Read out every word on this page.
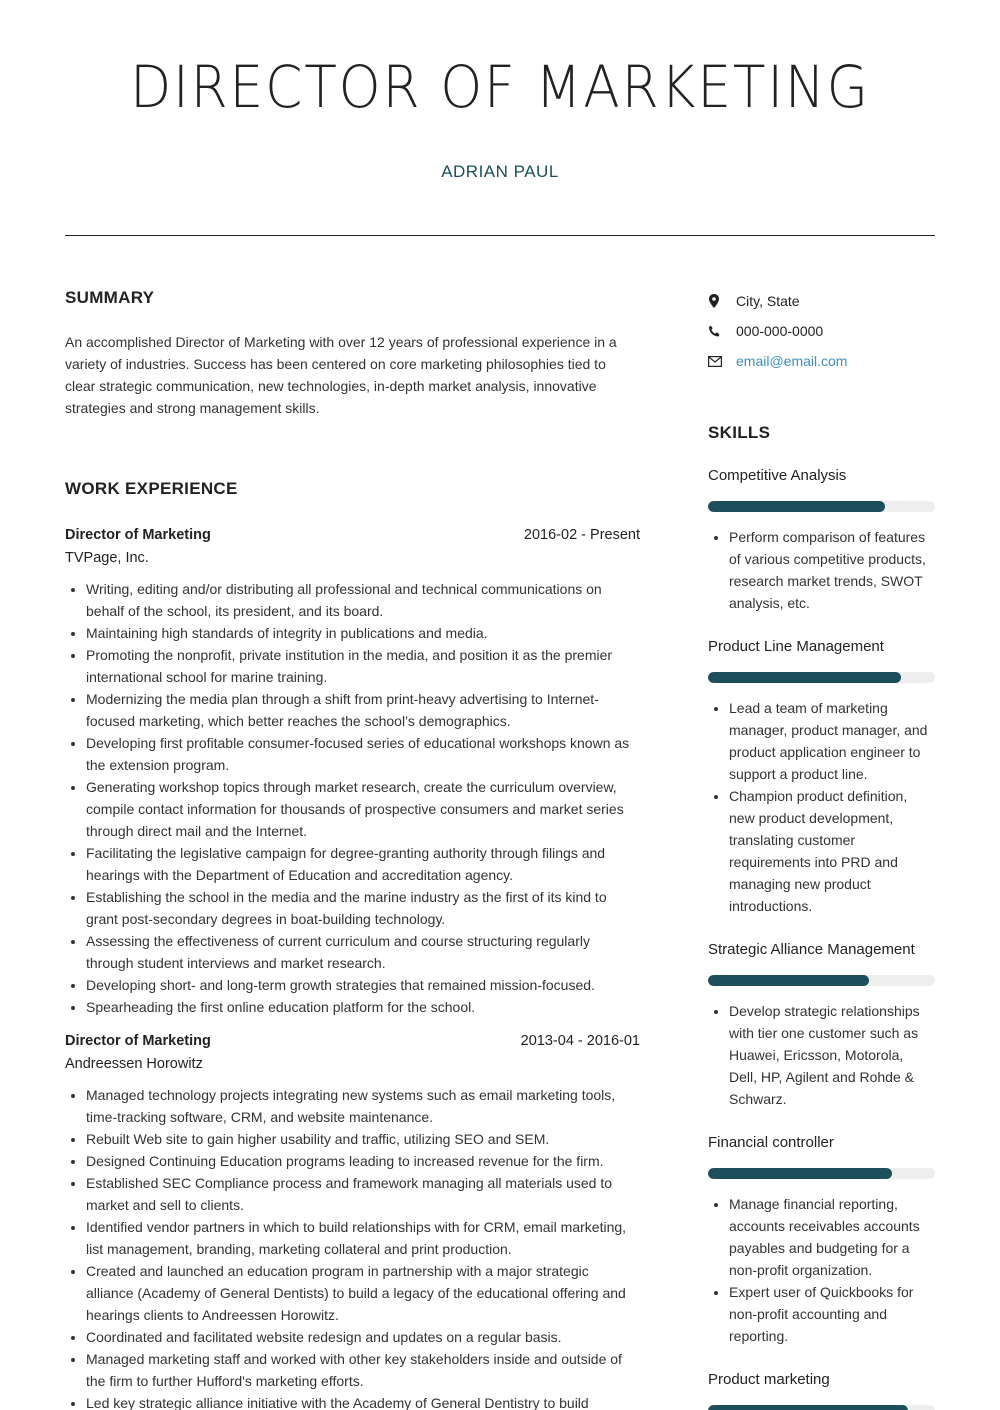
DIRECTOR OF MARKETING
ADRIAN PAUL
SUMMARY

An accomplished Director of Marketing with over 12 years of professional experience in a variety of industries. Success has been centered on core marketing philosophies tied to clear strategic communication, new technologies, in-depth market analysis, innovative strategies and strong management skills.

WORK EXPERIENCE
Director of Marketing	2016-02 - Present
TVPage, Inc.
• Writing, editing and/or distributing all professional and technical communications on behalf of the school, its president, and its board.
• Maintaining high standards of integrity in publications and media.
• Promoting the nonprofit, private institution in the media, and position it as the premier international school for marine training.
• Modernizing the media plan through a shift from print-heavy advertising to Internet-focused marketing, which better reaches the school’s demographics.
• Developing first profitable consumer-focused series of educational workshops known as the extension program.
• Generating workshop topics through market research, create the curriculum overview, compile contact information for thousands of prospective consumers and market series through direct mail and the Internet.
• Facilitating the legislative campaign for degree-granting authority through filings and hearings with the Department of Education and accreditation agency.
• Establishing the school in the media and the marine industry as the first of its kind to grant post-secondary degrees in boat-building technology.
• Assessing the effectiveness of current curriculum and course structuring regularly through student interviews and market research.
• Developing short- and long-term growth strategies that remained mission-focused.
• Spearheading the first online education platform for the school.
Director of Marketing	2013-04 - 2016-01
Andreessen Horowitz
• Managed technology projects integrating new systems such as email marketing tools, time-tracking software, CRM, and website maintenance.
• Rebuilt Web site to gain higher usability and traffic, utilizing SEO and SEM.
• Designed Continuing Education programs leading to increased revenue for the firm.
• Established SEC Compliance process and framework managing all materials used to market and sell to clients.
• Identified vendor partners in which to build relationships with for CRM, email marketing, list management, branding, marketing collateral and print production.
• Created and launched an education program in partnership with a major strategic alliance (Academy of General Dentists) to build a legacy of the educational offering and hearings clients to Andreessen Horowitz.
• Coordinated and facilitated website redesign and updates on a regular basis.
• Managed marketing staff and worked with other key stakeholders inside and outside of the firm to further Hufford's marketing efforts.
• Led key strategic alliance initiative with the Academy of General Dentistry to build
City, State
000-000-0000
email@email.com
SKILLS
Competitive Analysis
• Perform comparison of features of various competitive products, research market trends, SWOT analysis, etc.
Product Line Management
• Lead a team of marketing manager, product manager, and product application engineer to support a product line.
• Champion product definition, new product development, translating customer requirements into PRD and managing new product introductions.
Strategic Alliance Management
• Develop strategic relationships with tier one customer such as Huawei, Ericsson, Motorola, Dell, HP, Agilent and Rohde & Schwarz.
Financial controller
• Manage financial reporting, accounts receivables accounts payables and budgeting for a non-profit organization.
• Expert user of Quickbooks for non-profit accounting and reporting.
Product marketing
